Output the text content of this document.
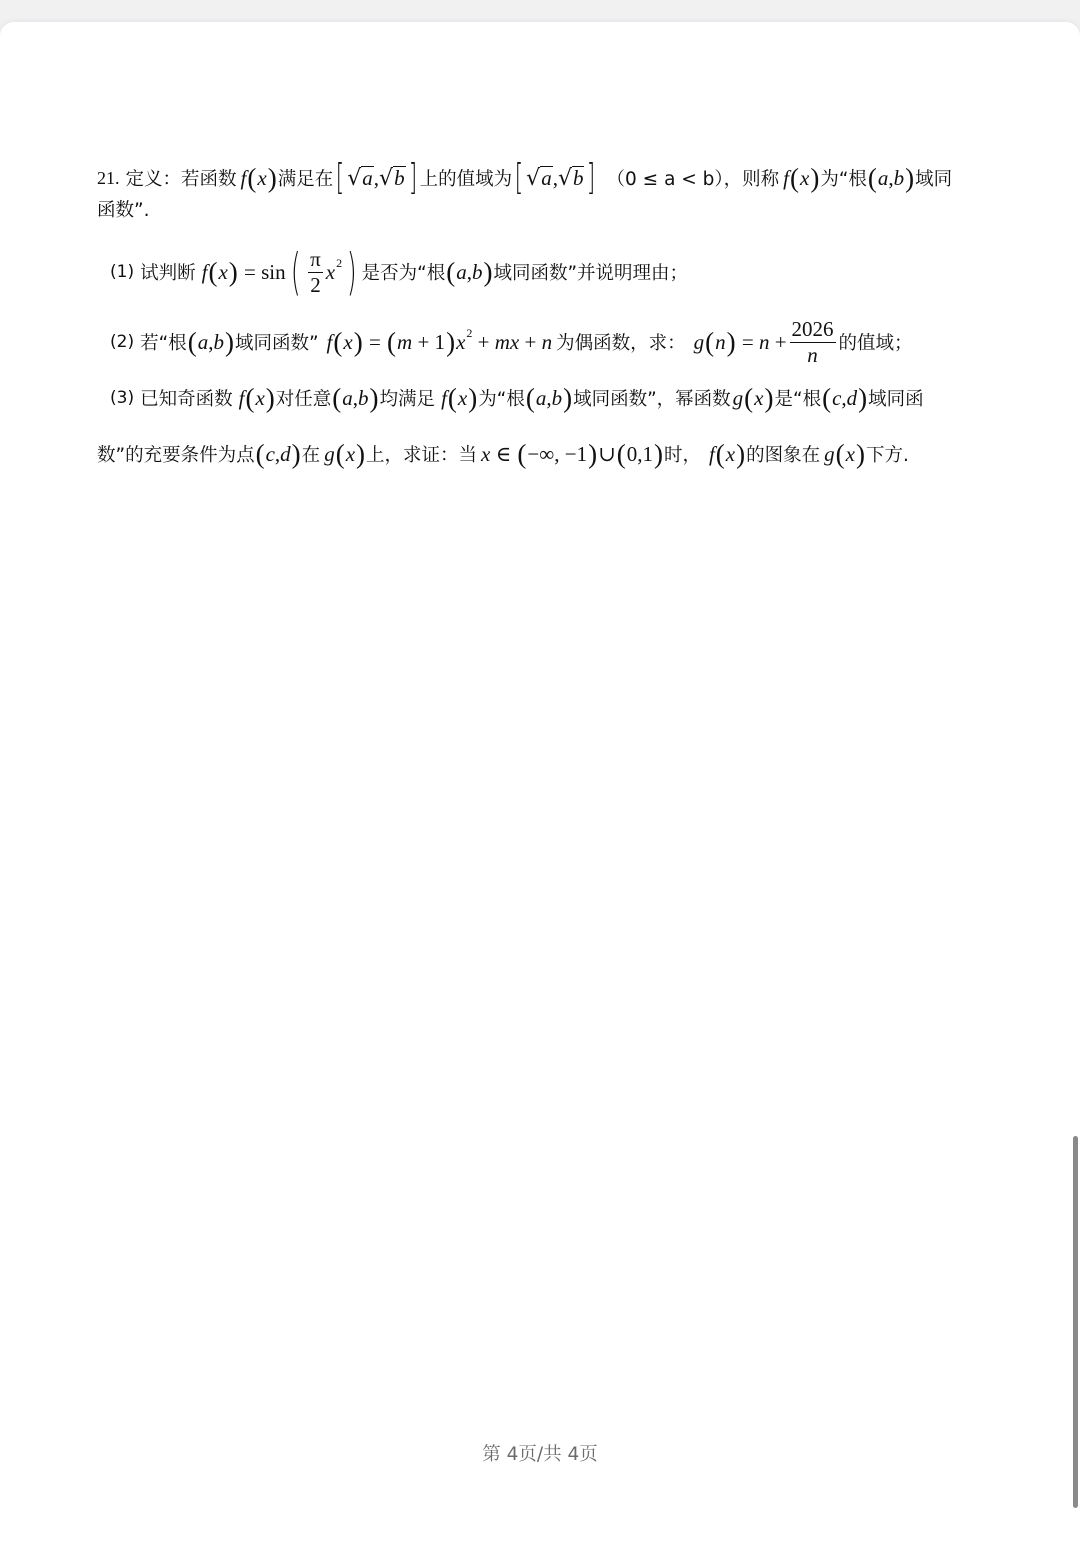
21. 定义：若函数 f ( x ) 满足在 [ √ a , √ b ] 上的值域为 [ √ a , √ b ] （0 ≤ a < b），则称 f ( x ) 为“根 ( a , b ) 域同
函数”.
(1) 试判断 f ( x ) = sin ( $\frac{\pi}{2}$ x 2 ) 是否为“根 ( a , b ) 域同函数”并说明理由；
(2) 若“根 ( a , b ) 域同函数” f ( x ) = ( m + 1 ) x 2 + mx + n 为偶函数，求： g ( n ) = $n + \frac{2026}{n}$ 的值域；
(3) 已知奇函数 f ( x ) 对任意 ( a , b ) 均满足 f ( x ) 为“根 ( a , b ) 域同函数”，幂函数 g ( x ) 是“根 ( c , d ) 域同函
数”的充要条件为点 ( c , d ) 在 g ( x ) 上，求证：当 x ∈ ( −∞, −1 ) ∪ ( 0,1 ) 时， f ( x ) 的图象在 g ( x ) 下方.
第 4页/共 4页
